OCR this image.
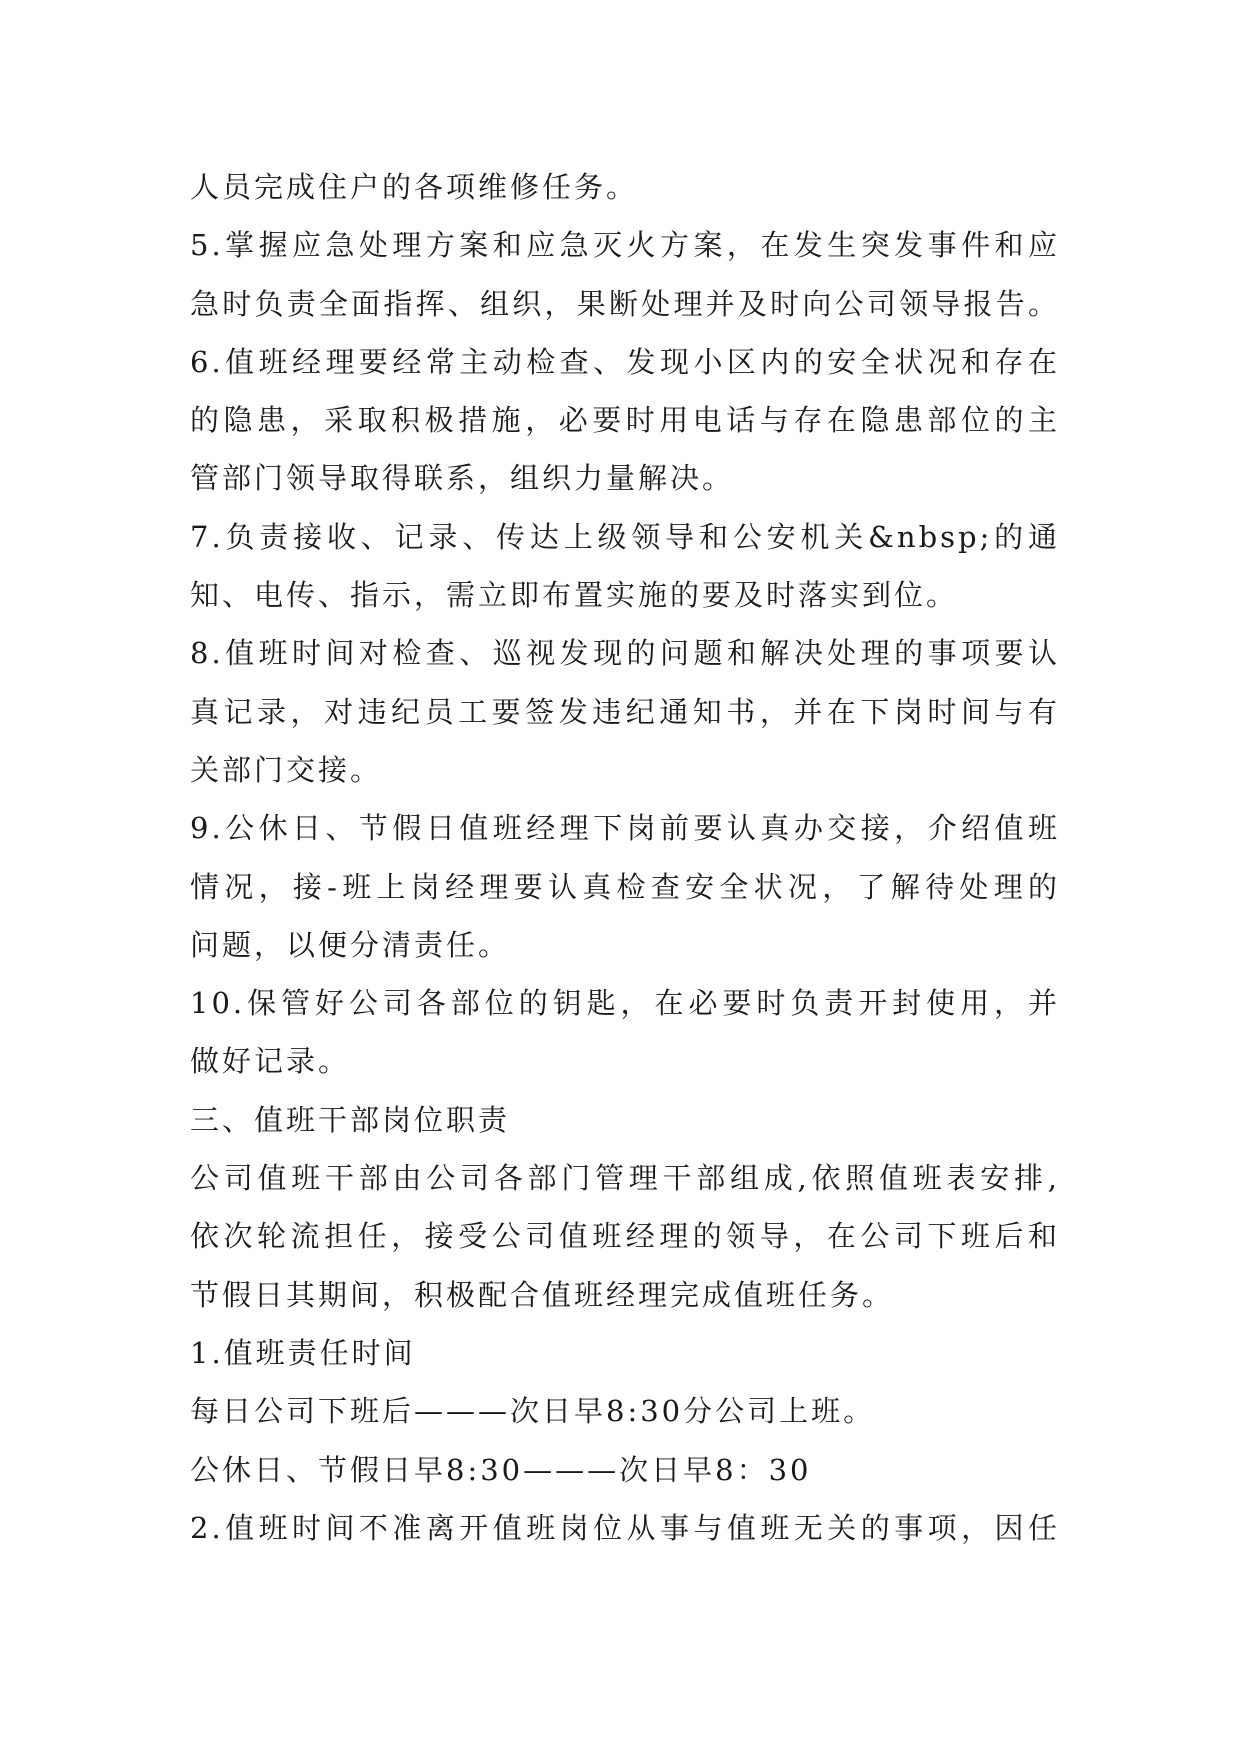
人员完成住户的各项维修任务。
5.掌握应急处理方案和应急灭火方案，在发生突发事件和应
急时负责全面指挥、组织，果断处理并及时向公司领导报告。
6.值班经理要经常主动检查、发现小区内的安全状况和存在
的隐患，采取积极措施，必要时用电话与存在隐患部位的主
管部门领导取得联系，组织力量解决。
7.负责接收、记录、传达上级领导和公安机关&nbsp;的通
知、电传、指示，需立即布置实施的要及时落实到位。
8.值班时间对检查、巡视发现的问题和解决处理的事项要认
真记录，对违纪员工要签发违纪通知书，并在下岗时间与有
关部门交接。
9.公休日、节假日值班经理下岗前要认真办交接，介绍值班
情况，接-班上岗经理要认真检查安全状况，了解待处理的
问题，以便分清责任。
10.保管好公司各部位的钥匙，在必要时负责开封使用，并
做好记录。
三、值班干部岗位职责
公司值班干部由公司各部门管理干部组成,依照值班表安排,
依次轮流担任，接受公司值班经理的领导，在公司下班后和
节假日其期间，积极配合值班经理完成值班任务。
1.值班责任时间
每日公司下班后———次日早8:30分公司上班。
公休日、节假日早8:30———次日早8：30
2.值班时间不准离开值班岗位从事与值班无关的事项，因任
